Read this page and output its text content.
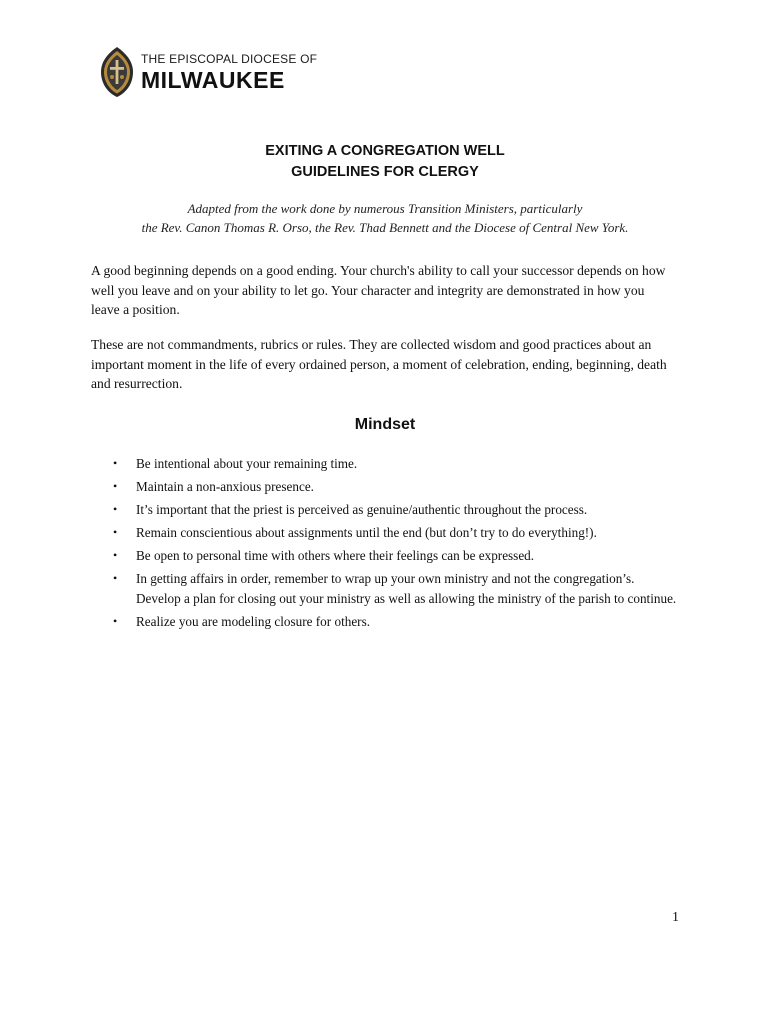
THE EPISCOPAL DIOCESE OF
MILWAUKEE
EXITING A CONGREGATION WELL
GUIDELINES FOR CLERGY
Adapted from the work done by numerous Transition Ministers, particularly
the Rev. Canon Thomas R. Orso, the Rev. Thad Bennett and the Diocese of Central New York.

A good beginning depends on a good ending. Your church's ability to call your successor depends on how well you leave and on your ability to let go. Your character and integrity are demonstrated in how you leave a position.

These are not commandments, rubrics or rules. They are collected wisdom and good practices about an important moment in the life of every ordained person, a moment of celebration, ending, beginning, death and resurrection.

Mindset
• Be intentional about your remaining time.
• Maintain a non-anxious presence.
• It’s important that the priest is perceived as genuine/authentic throughout the process.
• Remain conscientious about assignments until the end (but don’t try to do everything!).
• Be open to personal time with others where their feelings can be expressed.
• In getting affairs in order, remember to wrap up your own ministry and not the congregation’s. Develop a plan for closing out your ministry as well as allowing the ministry of the parish to continue.
• Realize you are modeling closure for others.
1
